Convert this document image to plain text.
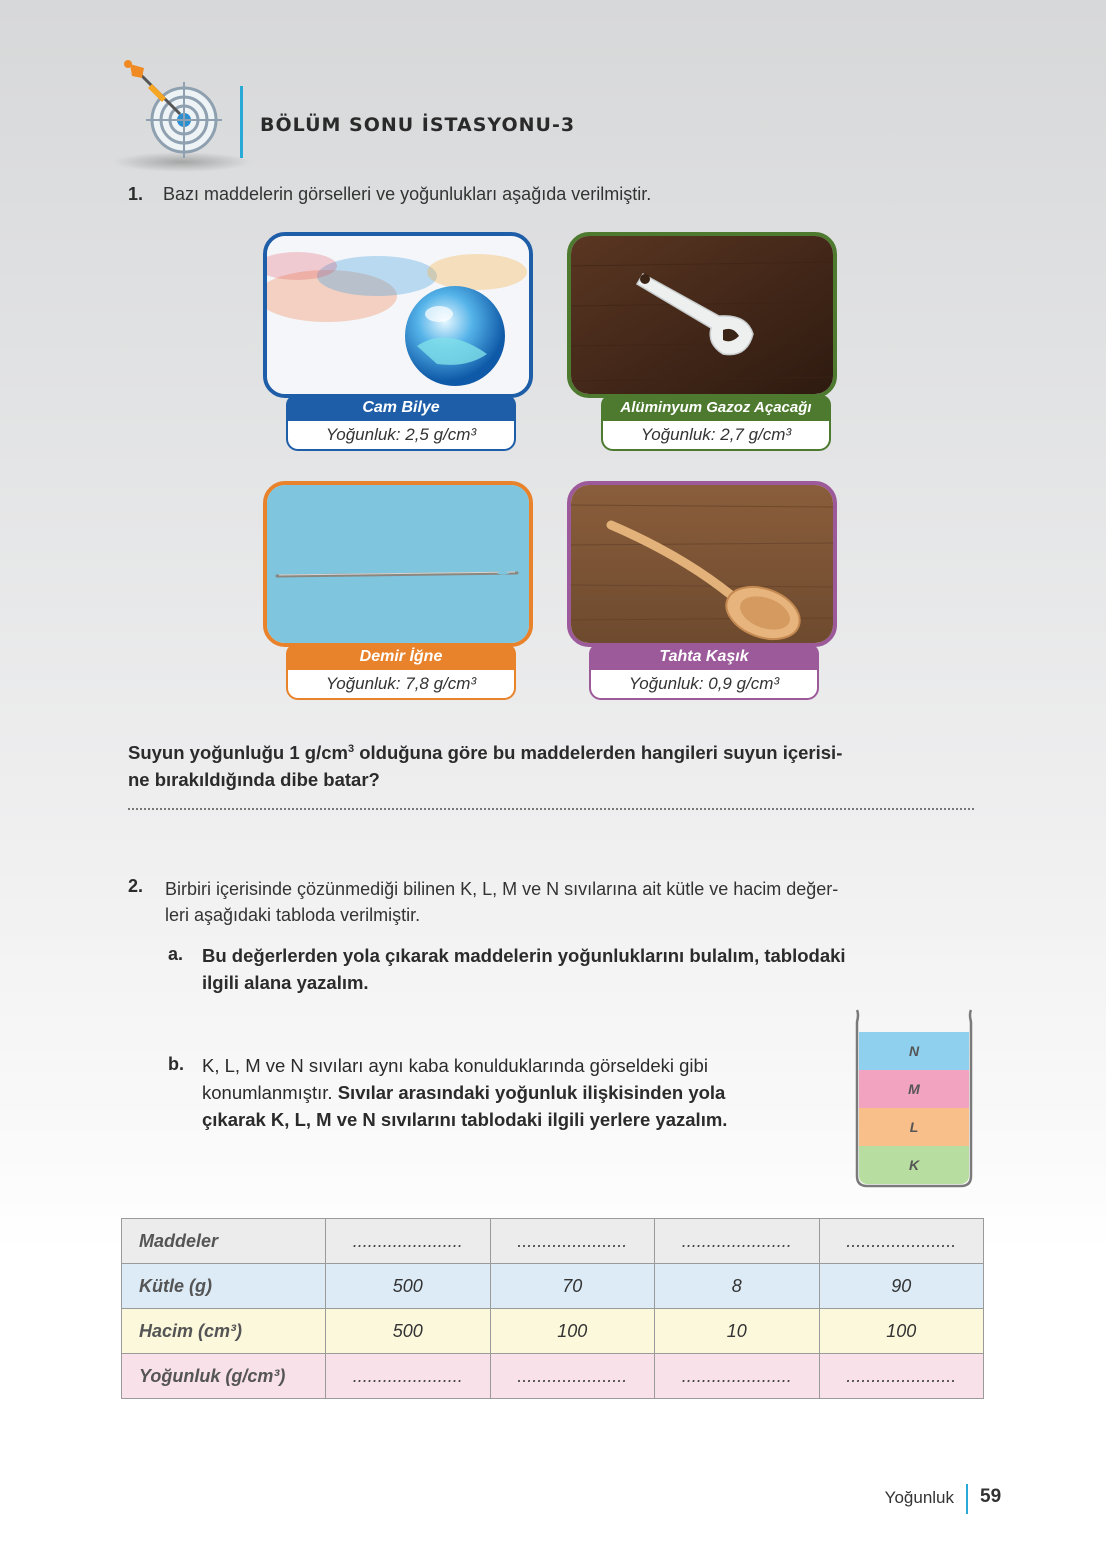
BÖLÜM SONU İSTASYONU-3
1. Bazı maddelerin görselleri ve yoğunlukları aşağıda verilmiştir.
Cam Bilye
Yoğunluk: 2,5 g/cm³
Alüminyum Gazoz Açacağı
Yoğunluk: 2,7 g/cm³
Demir İğne
Yoğunluk: 7,8 g/cm³
Tahta Kaşık
Yoğunluk: 0,9 g/cm³
Suyun yoğunluğu 1 $g/cm^3$ olduğuna göre bu maddelerden hangileri suyun içerisi-
ne bırakıldığında dibe batar?
2. Birbiri içerisinde çözünmediği bilinen K, L, M ve N sıvılarına ait kütle ve hacim değer-
leri aşağıdaki tabloda verilmiştir.
a. Bu değerlerden yola çıkarak maddelerin yoğunluklarını bulalım, tablodaki
ilgili alana yazalım.
b. K, L, M ve N sıvıları aynı kaba konulduklarında görseldeki gibi
konumlanmıştır. Sıvılar arasındaki yoğunluk ilişkisinden yola
çıkarak K, L, M ve N sıvılarını tablodaki ilgili yerlere yazalım.
N
M
L
K
Maddeler	......................	......................	......................	......................
Kütle (g)	500	70	8	90
Hacim (cm³)	500	100	10	100
Yoğunluk (g/cm³)	......................	......................	......................	......................
Yoğunluk 59
